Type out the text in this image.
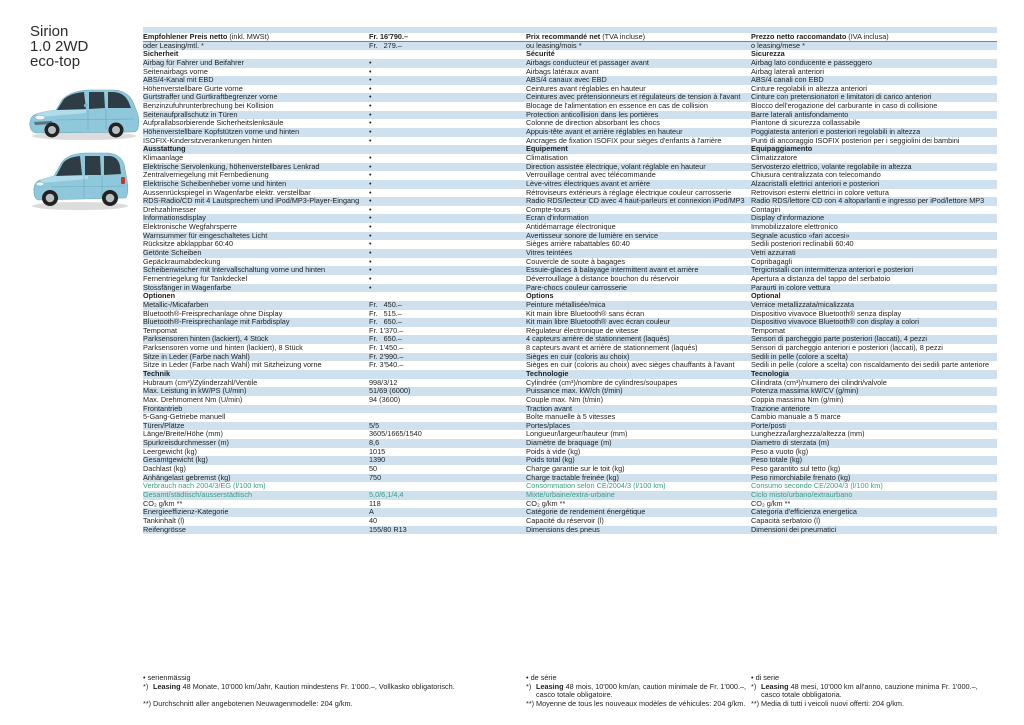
Sirion
1.0 2WD
eco-top
Empfohlener Preis netto (inkl. MWSt)	Fr. 16'790.–	Prix recommandé net (TVA incluse)	Prezzo netto raccomandato (IVA inclusa)
oder Leasing/mtl. *	Fr.   279.–	ou leasing/mois *	o leasing/mese *
Sicherheit	Sécurité	Sicurezza
Airbag für Fahrer und Beifahrer	•	Airbags conducteur et passager avant	Airbag lato conducente e passeggero
Seitenairbags vorne	•	Airbags latéraux avant	Airbag laterali anteriori
ABS/4-Kanal mit EBD	•	ABS/4 canaux avec EBD	ABS/4 canali con EBD
Höhenverstellbare Gurte vorne	•	Ceintures avant réglables en hauteur	Cinture regolabili in altezza anteriori
Gurtstraffer und Gurtkraftbegrenzer vorne	•	Ceintures avec prétensionneurs et régulateurs de tension à l'avant	Cinture con pretensionatori e limitatori di carico anteriori
Benzinzufuhrunterbrechung bei Kollision	•	Blocage de l'alimentation en essence en cas de collision	Blocco dell'erogazione del carburante in caso di collisione
Seitenaufprallschutz in Türen	•	Protection anticollision dans les portières	Barre laterali antisfondamento
Aufprallabsorbierende Sicherheitslenksäule	•	Colonne de direction absorbant les chocs	Piantone di sicurezza collassabile
Höhenverstellbare Kopfstützen vorne und hinten	•	Appuis-tête avant et arrière réglables en hauteur	Poggiatesta anteriori e posteriori regolabili in altezza
ISOFIX-Kindersitzverankerungen hinten	•	Ancrages de fixation ISOFIX pour sièges d'enfants à l'arrière	Punti di ancoraggio ISOFIX posteriori per i seggiolini dei bambini
Ausstattung	Equipement	Equipaggiamento
Klimaanlage	•	Climatisation	Climatizzatore
Elektrische Servolenkung, höhenverstellbares Lenkrad	•	Direction assistée électrique, volant réglable en hauteur	Servosterzo elettrico, volante regolabile in altezza
Zentralverriegelung mit Fernbedienung	•	Verrouillage central avec télécommande	Chiusura centralizzata con telecomando
Elektrische Scheibenheber vorne und hinten	•	Lève-vitres électriques avant et arrière	Alzacristalli elettrici anteriori e posteriori
Aussenrückspiegel in Wagenfarbe elektr. verstellbar	•	Rétroviseurs extérieurs à réglage électrique couleur carrosserie	Retrovisori esterni elettrici in colore vettura
RDS-Radio/CD mit 4 Lautsprechern und iPod/MP3-Player-Eingang	•	Radio RDS/lecteur CD avec 4 haut-parleurs et connexion iPod/MP3 Radio RDS/lettore CD con 4 altoparlanti e ingresso per iPod/lettore MP3
Drehzahlmesser	•	Compte-tours	Contagiri
Informationsdisplay	•	Ecran d'information	Display d'informazione
Elektronische Wegfahrsperre	•	Antidémarrage électronique	Immobilizzatore elettronico
Warnsummer für eingeschaltetes Licht	•	Avertisseur sonore de lumière en service	Segnale acustico «fari accesi»
Rücksitze abklappbar 60:40	•	Sièges arrière rabattables 60:40	Sedili posteriori reclinabili 60:40
Getönte Scheiben	•	Vitres teintées	Vetri azzurrati
Gepäckraumabdeckung	•	Couvercle de soute à bagages	Copribagagli
Scheibenwischer mit Intervallschaltung vorne und hinten	•	Essuie-glaces à balayage intermittent avant et arrière	Tergicristalli con intermittenza anteriori e posteriori
Fernentriegelung für Tankdeckel	•	Déverrouillage à distance bouchon du réservoir	Apertura a distanza del tappo del serbatoio
Stossfänger in Wagenfarbe	•	Pare-chocs couleur carrosserie	Paraurti in colore vettura
Optionen	Options	Optional
Metallic-/Micafarben	Fr.   450.–	Peinture métallisée/mica	Vernice metallizzata/micalizzata
Bluetooth®-Freisprechanlage ohne Display	Fr.   515.–	Kit main libre Bluetooth® sans écran	Dispositivo vivavoce Bluetooth® senza display
Bluetooth®-Freisprechanlage mit Farbdisplay	Fr.   650.–	Kit main libre Bluetooth® avec écran couleur	Dispositivo vivavoce Bluetooth® con display a colori
Tempomat	Fr. 1'370.–	Régulateur électronique de vitesse	Tempomat
Parksensoren hinten (lackiert), 4 Stück	Fr.   650.–	4 capteurs arrière de stationnement (laqués)	Sensori di parcheggio parte posteriori (laccati), 4 pezzi
Parksensoren vorne und hinten (lackiert), 8 Stück	Fr. 1'450.–	8 capteurs avant et arrière de stationnement (laqués)	Sensori di parcheggio anteriori e posteriori (laccati), 8 pezzi
Sitze in Leder (Farbe nach Wahl)	Fr. 2'990.–	Sièges en cuir (coloris au choix)	Sedili in pelle (colore a scelta)
Sitze in Leder (Farbe nach Wahl) mit Sitzheizung vorne	Fr. 3'540.–	Sièges en cuir (coloris au choix) avec sièges chauffants à l'avant	Sedili in pelle (colore a scelta) con riscaldamento dei sedili parte anteriore
Technik	Technologie	Tecnologia
Hubraum (cm³)/Zylinderzahl/Ventile	998/3/12	Cylindrée (cm³)/nombre de cylindres/soupapes	Cilindrata (cm³)/numero dei cilindri/valvole
Max. Leistung in kW/PS (U/min)	51/69 (6000)	Puissance max. kW/ch (t/min)	Potenza massima kW/CV (g/min)
Max. Drehmoment Nm (U/min)	94 (3600)	Couple max. Nm (t/min)	Coppia massima Nm (g/min)
Frontantrieb	Traction avant	Trazione anteriore
5-Gang-Getriebe manuell	Boîte manuelle à 5 vitesses	Cambio manuale a 5 marce
Türen/Plätze	5/5	Portes/places	Porte/posti
Länge/Breite/Höhe (mm)	3605/1665/1540	Longueur/largeur/hauteur (mm)	Lunghezza/larghezza/altezza (mm)
Spurkreisdurchmesser (m)	8,6	Diamètre de braquage (m)	Diametro di sterzata (m)
Leergewicht (kg)	1015	Poids à vide (kg)	Peso a vuoto (kg)
Gesamtgewicht (kg)	1390	Poids total (kg)	Peso totale (kg)
Dachlast (kg)	50	Charge garantie sur le toit (kg)	Peso garantito sul tetto (kg)
Anhängelast gebremst (kg)	750	Charge tractable freinée (kg)	Peso rimorchiabile frenato (kg)
Verbrauch nach 2004/3/EG (l/100 km)	Consommation selon CE/2004/3 (l/100 km)	Consumo secondo CE/2004/3 (l/100 km)
Gesamt/städtisch/ausserstädtisch	5,0/6,1/4,4	Mixte/urbaine/extra-urbaine	Ciclo misto/urbano/extraurbano
CO₂ g/km **	118	CO₂ g/km **	CO₂ g/km **
Energieeffizienz-Kategorie	A	Catégorie de rendement énergétique	Categoria d'efficienza energetica
Tankinhalt (l)	40	Capacité du réservoir (l)	Capacità serbatoio (l)
Reifengrösse	155/80 R13	Dimensions des pneus	Dimensioni dei pneumatici
• serienmässig
*) Leasing 48 Monate, 10'000 km/Jahr, Kaution mindestens Fr. 1'000.–, Vollkasko obligatorisch.
**) Durchschnitt aller angebotenen Neuwagenmodelle: 204 g/km.
• de série
*) Leasing 48 mois, 10'000 km/an, caution minimale de Fr. 1'000.–,
casco totale obligatoire.
**) Moyenne de tous les nouveaux modèles de véhicules: 204 g/km.
• di serie
*) Leasing 48 mesi, 10'000 km all'anno, cauzione minima Fr. 1'000.–,
casco totale obbligatoria.
**) Media di tutti i veicoli nuovi offerti: 204 g/km.
